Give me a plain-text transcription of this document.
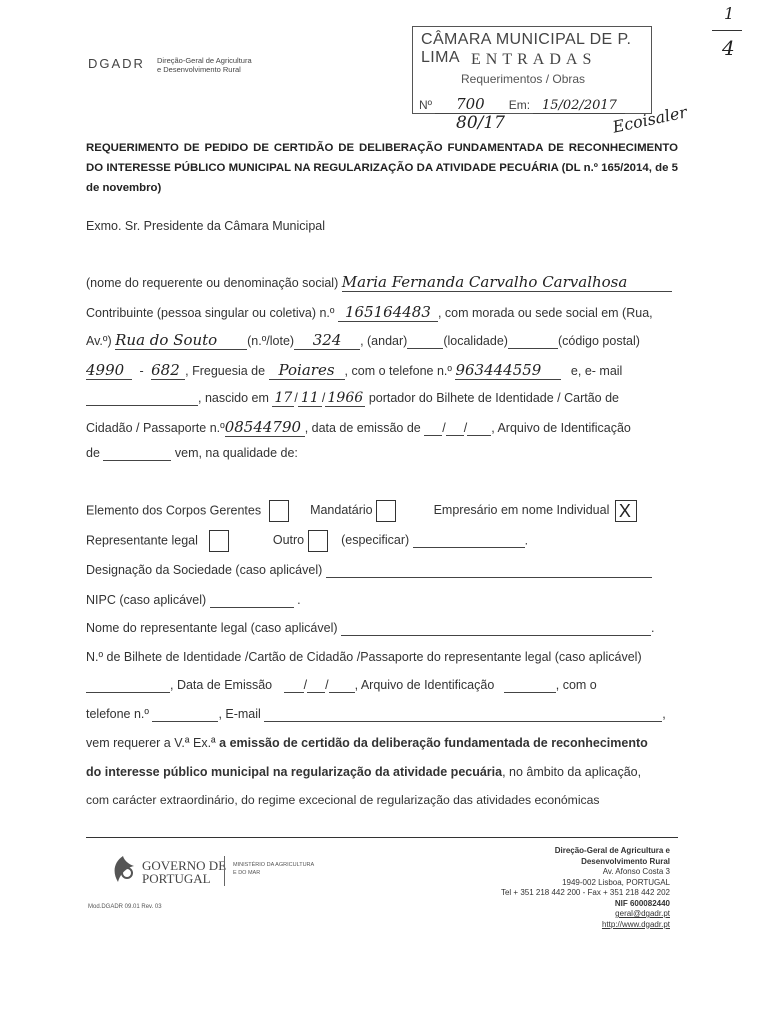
DGADR Direção-Geral de Agricultura
e Desenvolvimento Rural
1
4
CÂMARA MUNICIPAL DE P. LIMA ENTRADAS
Requerimentos / Obras
Nº 700 Em: 15/02/2017
80/17	Ecoisaler
REQUERIMENTO DE PEDIDO DE CERTIDÃO DE DELIBERAÇÃO FUNDAMENTADA DE RECONHECIMENTO DO INTERESSE PÚBLICO MUNICIPAL NA REGULARIZAÇÃO DA ATIVIDADE PECUÁRIA (DL n.º 165/2014, de 5 de novembro)
Exmo. Sr. Presidente da Câmara Municipal
(nome do requerente ou denominação social) Maria Fernanda Carvalho Carvalhosa
Contribuinte (pessoa singular ou coletiva) n.º 165164483 , com morada ou sede social em (Rua,
Av.º) Rua do Souto (n.º/lote) 324 , (andar)	(localidade)	(código postal)
4990 - 682 , Freguesia de Poiares , com o telefone n.º 963444559 e, e- mail
, nascido em 17 / 11 / 1966 portador do Bilhete de Identidade / Cartão de
Cidadão / Passaporte n.º08544790 , data de emissão de / / , Arquivo de Identificação
de	vem, na qualidade de:
Elemento dos Corpos Gerentes	Mandatário	Empresário em nome Individual X
Representante legal	Outro	(especificar)	.
Designação da Sociedade (caso aplicável)
NIPC (caso aplicável)	.
Nome do representante legal (caso aplicável)	.
N.º de Bilhete de Identidade /Cartão de Cidadão /Passaporte do representante legal (caso aplicável)
, Data de Emissão	/ / , Arquivo de Identificação	, com o
telefone n.º	, E-mail	,
vem requerer a V.ª Ex.ª a emissão de certidão da deliberação fundamentada de reconhecimento
do interesse público municipal na regularização da atividade pecuária, no âmbito da aplicação,
com carácter extraordinário, do regime excecional de regularização das atividades económicas
GOVERNO DE
PORTUGAL
MINISTÉRIO DA AGRICULTURA
E DO MAR
Mod.DGADR 09.01 Rev. 03
Direção-Geral de Agricultura e
Desenvolvimento Rural
Av. Afonso Costa 3
1949-002 Lisboa, PORTUGAL
Tel + 351 218 442 200 - Fax + 351 218 442 202
NIF 600082440
geral@dgadr.pt
http://www.dgadr.pt
